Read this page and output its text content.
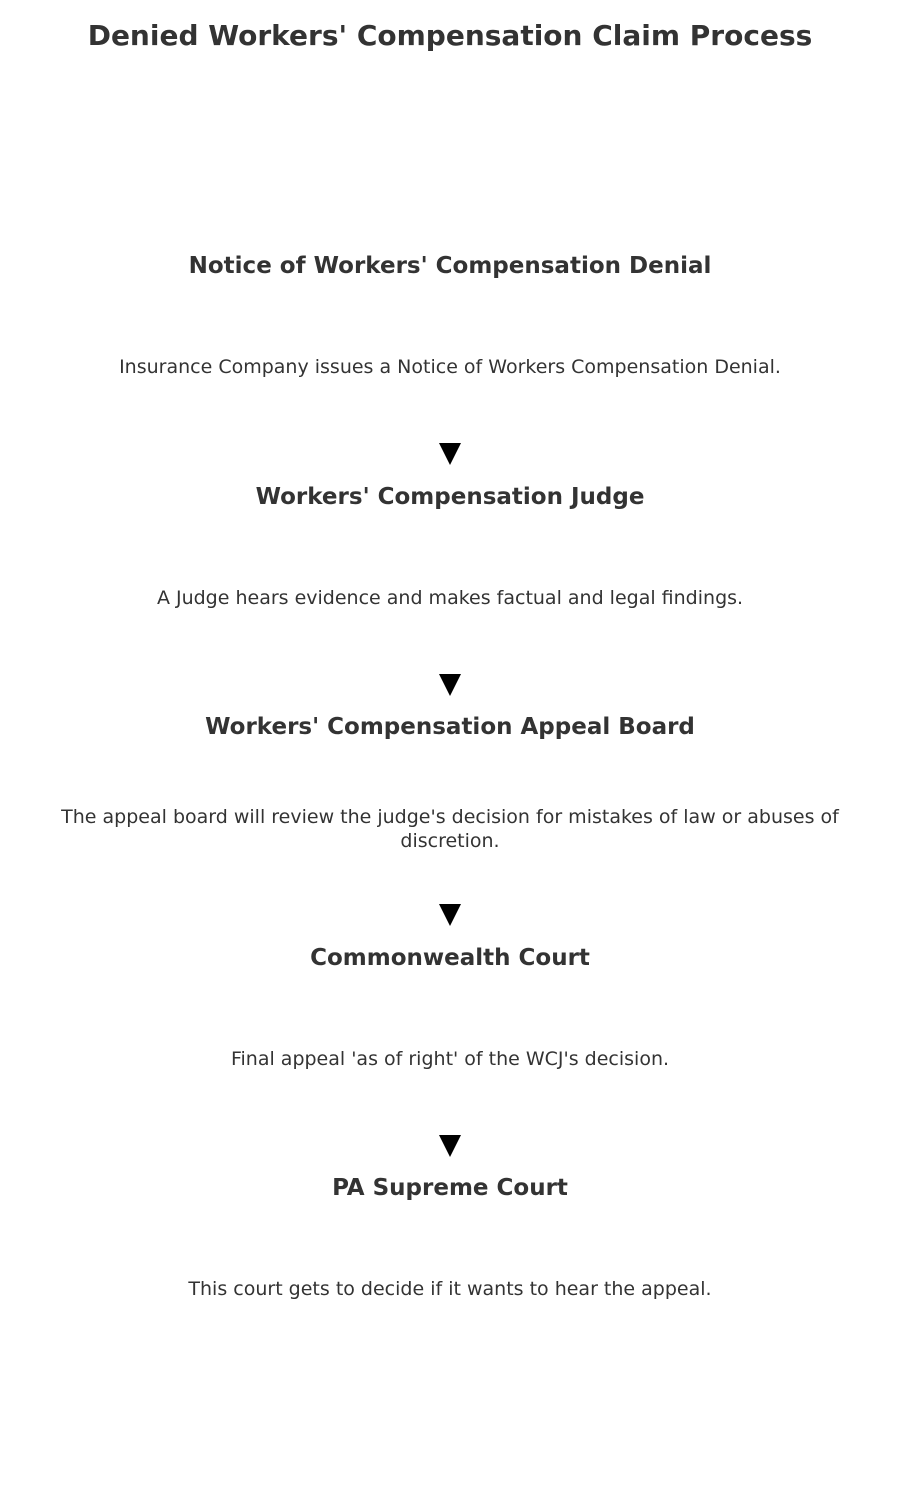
Denied Workers' Compensation Claim Process
Notice of Workers' Compensation Denial

Insurance Company issues a Notice of Workers Compensation Denial.

Workers' Compensation Judge

A Judge hears evidence and makes factual and legal findings.

Workers' Compensation Appeal Board

The appeal board will review the judge's decision for mistakes of law or abuses of discretion.

Commonwealth Court

Final appeal 'as of right' of the WCJ's decision.

PA Supreme Court

This court gets to decide if it wants to hear the appeal.
